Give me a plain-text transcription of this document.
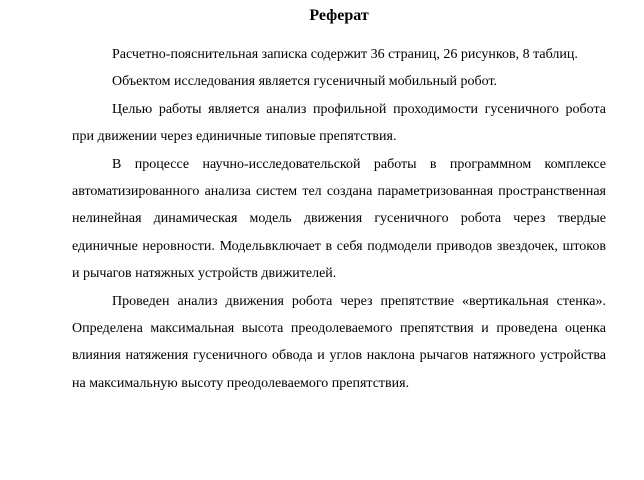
Реферат

Расчетно-пояснительная записка содержит 36 страниц, 26 рисунков, 8 таблиц.

Объектом исследования является гусеничный мобильный робот.

Целью работы является анализ профильной проходимости гусеничного робота при движении через единичные типовые препятствия.

В процессе научно-исследовательской работы в программном комплексе автоматизированного анализа систем тел создана параметризованная пространственная нелинейная динамическая модель движения гусеничного робота через твердые единичные неровности. Модельвключает в себя подмодели приводов звездочек, штоков и рычагов натяжных устройств движителей.

Проведен анализ движения робота через препятствие «вертикальная стенка». Определена максимальная высота преодолеваемого препятствия и проведена оценка влияния натяжения гусеничного обвода и углов наклона рычагов натяжного устройства на максимальную высоту преодолеваемого препятствия.
